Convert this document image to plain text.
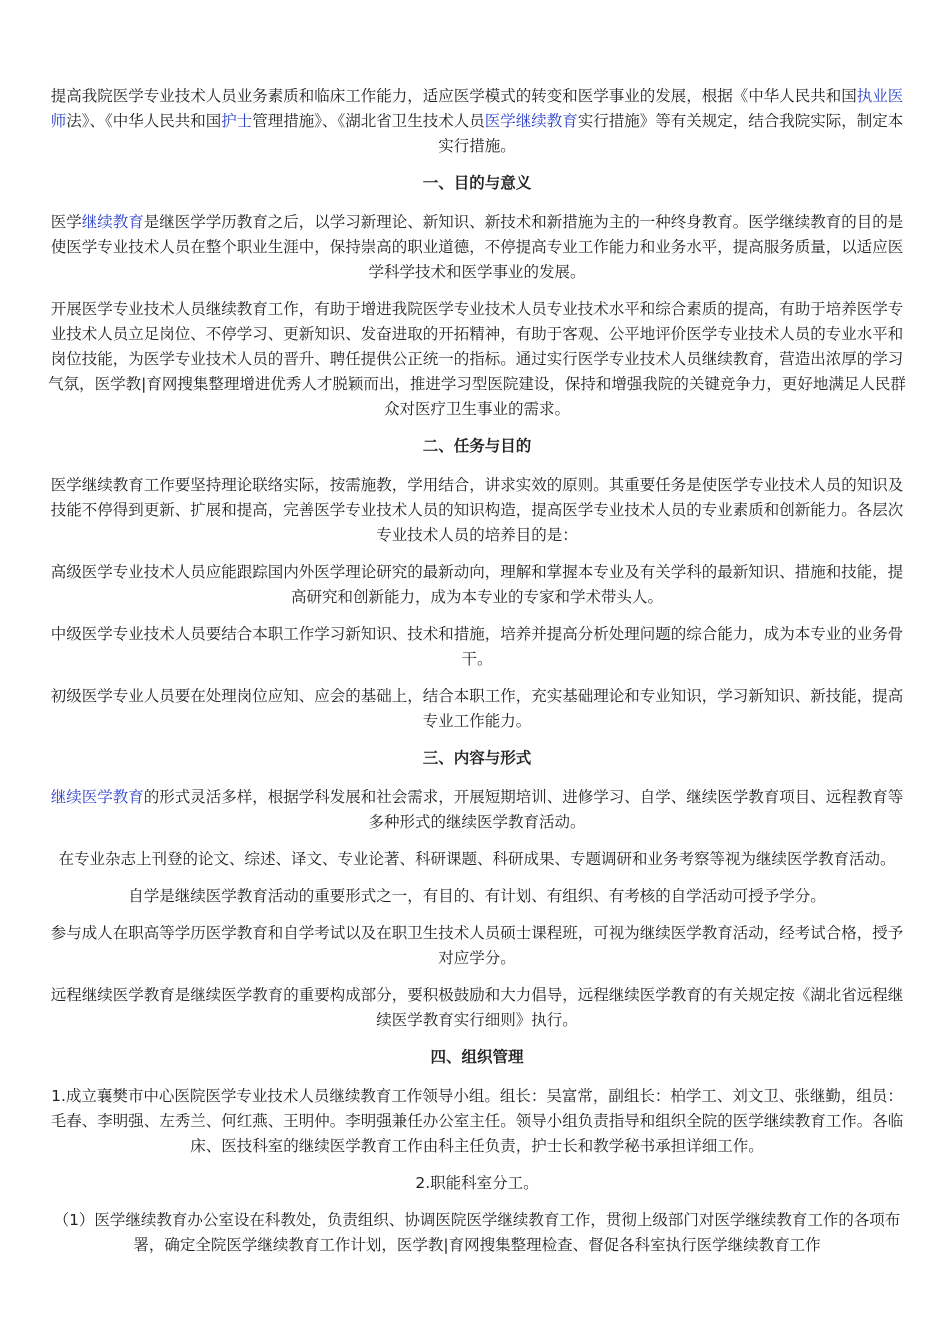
提高我院医学专业技术人员业务素质和临床工作能力，适应医学模式的转变和医学事业的发展，根据《中华人民共和国执业医师法》、《中华人民共和国护士管理措施》、《湖北省卫生技术人员医学继续教育实行措施》等有关规定，结合我院实际，制定本实行措施。

一、目的与意义

医学继续教育是继医学学历教育之后，以学习新理论、新知识、新技术和新措施为主的一种终身教育。医学继续教育的目的是使医学专业技术人员在整个职业生涯中，保持崇高的职业道德，不停提高专业工作能力和业务水平，提高服务质量，以适应医学科学技术和医学事业的发展。

开展医学专业技术人员继续教育工作，有助于增进我院医学专业技术人员专业技术水平和综合素质的提高，有助于培养医学专业技术人员立足岗位、不停学习、更新知识、发奋进取的开拓精神，有助于客观、公平地评价医学专业技术人员的专业水平和岗位技能，为医学专业技术人员的晋升、聘任提供公正统一的指标。通过实行医学专业技术人员继续教育，营造出浓厚的学习气氛，医学教|育网搜集整理增进优秀人才脱颖而出，推进学习型医院建设，保持和增强我院的关键竞争力，更好地满足人民群众对医疗卫生事业的需求。

二、任务与目的

医学继续教育工作要坚持理论联络实际，按需施教，学用结合，讲求实效的原则。其重要任务是使医学专业技术人员的知识及技能不停得到更新、扩展和提高，完善医学专业技术人员的知识构造，提高医学专业技术人员的专业素质和创新能力。各层次专业技术人员的培养目的是：

高级医学专业技术人员应能跟踪国内外医学理论研究的最新动向，理解和掌握本专业及有关学科的最新知识、措施和技能，提高研究和创新能力，成为本专业的专家和学术带头人。

中级医学专业技术人员要结合本职工作学习新知识、技术和措施，培养并提高分析处理问题的综合能力，成为本专业的业务骨干。

初级医学专业人员要在处理岗位应知、应会的基础上，结合本职工作，充实基础理论和专业知识，学习新知识、新技能，提高专业工作能力。

三、内容与形式

继续医学教育的形式灵活多样，根据学科发展和社会需求，开展短期培训、进修学习、自学、继续医学教育项目、远程教育等多种形式的继续医学教育活动。

在专业杂志上刊登的论文、综述、译文、专业论著、科研课题、科研成果、专题调研和业务考察等视为继续医学教育活动。

自学是继续医学教育活动的重要形式之一，有目的、有计划、有组织、有考核的自学活动可授予学分。

参与成人在职高等学历医学教育和自学考试以及在职卫生技术人员硕士课程班，可视为继续医学教育活动，经考试合格，授予对应学分。

远程继续医学教育是继续医学教育的重要构成部分，要积极鼓励和大力倡导，远程继续医学教育的有关规定按《湖北省远程继续医学教育实行细则》执行。

四、组织管理

1.成立襄樊市中心医院医学专业技术人员继续教育工作领导小组。组长：吴富常，副组长：柏学工、刘文卫、张继勤，组员：毛春、李明强、左秀兰、何红燕、王明仲。李明强兼任办公室主任。领导小组负责指导和组织全院的医学继续教育工作。各临床、医技科室的继续医学教育工作由科主任负责，护士长和教学秘书承担详细工作。

2.职能科室分工。

（1）医学继续教育办公室设在科教处，负责组织、协调医院医学继续教育工作，贯彻上级部门对医学继续教育工作的各项布署，确定全院医学继续教育工作计划，医学教|育网搜集整理检查、督促各科室执行医学继续教育工作
